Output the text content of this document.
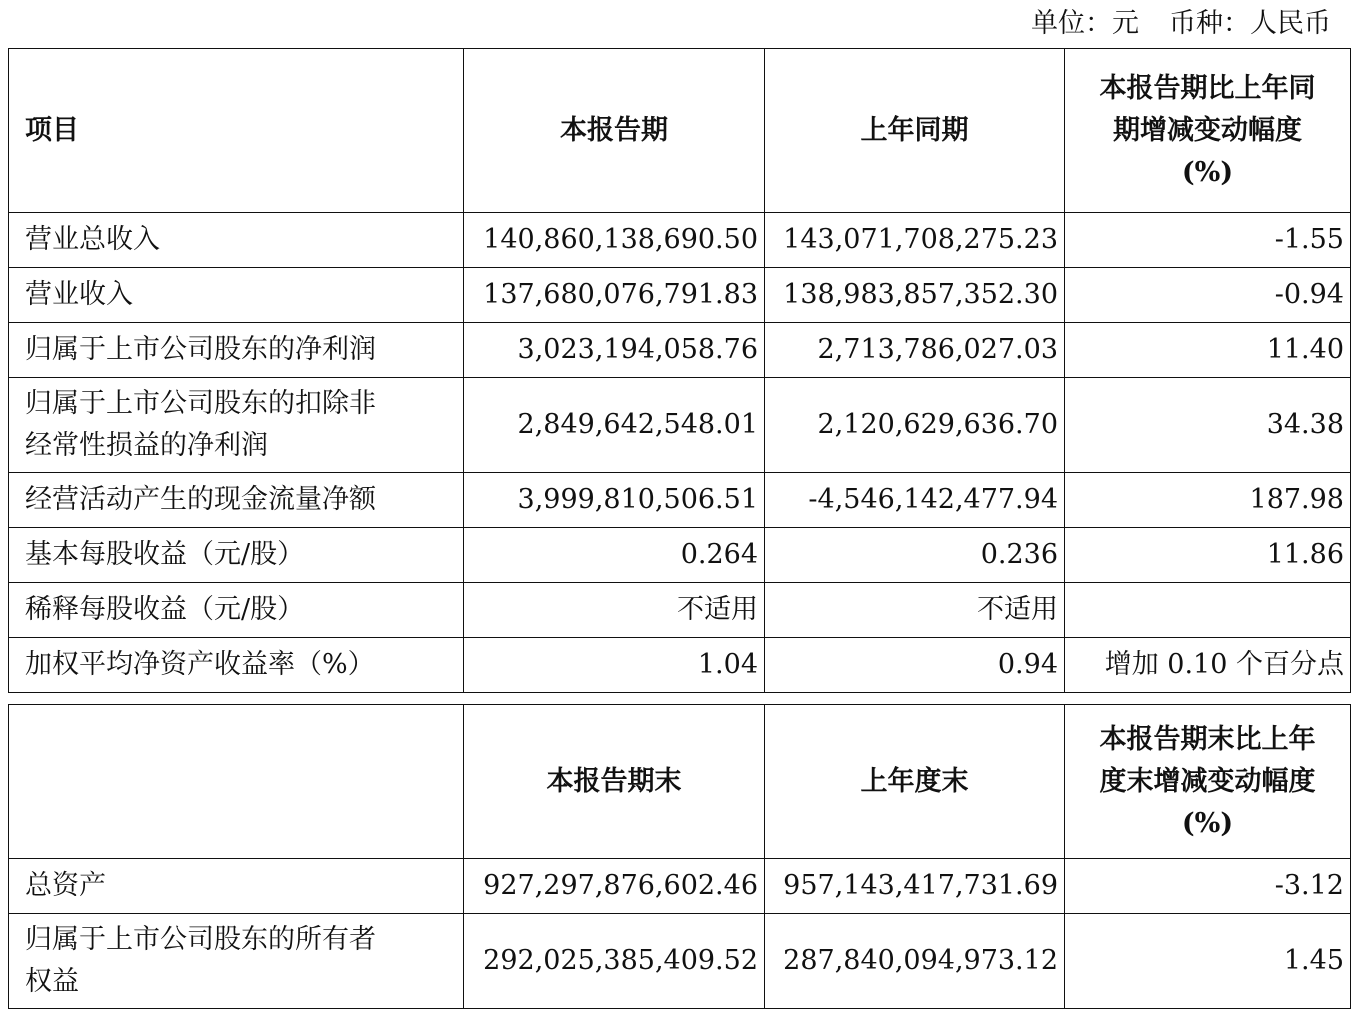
单位：元 币种：人民币
项目	本报告期	上年同期	本报告期比上年同
期增减变动幅度
(%)

营业总收入	140,860,138,690.50	143,071,708,275.23	-1.55
营业收入	137,680,076,791.83	138,983,857,352.30	-0.94
归属于上市公司股东的净利润	3,023,194,058.76	2,713,786,027.03	11.40

归属于上市公司股东的扣除非
经常性损益的净利润	2,849,642,548.01	2,120,629,636.70	34.38
经营活动产生的现金流量净额	3,999,810,506.51	-4,546,142,477.94	187.98
基本每股收益（元/股）	0.264	0.236	11.86
稀释每股收益（元/股）	不适用	不适用	
加权平均净资产收益率（%）	1.04	0.94	增加 0.10 个百分点
	本报告期末	上年度末	本报告期末比上年
度末增减变动幅度
(%)

总资产	927,297,876,602.46	957,143,417,731.69	-3.12

归属于上市公司股东的所有者
权益	292,025,385,409.52	287,840,094,973.12	1.45
